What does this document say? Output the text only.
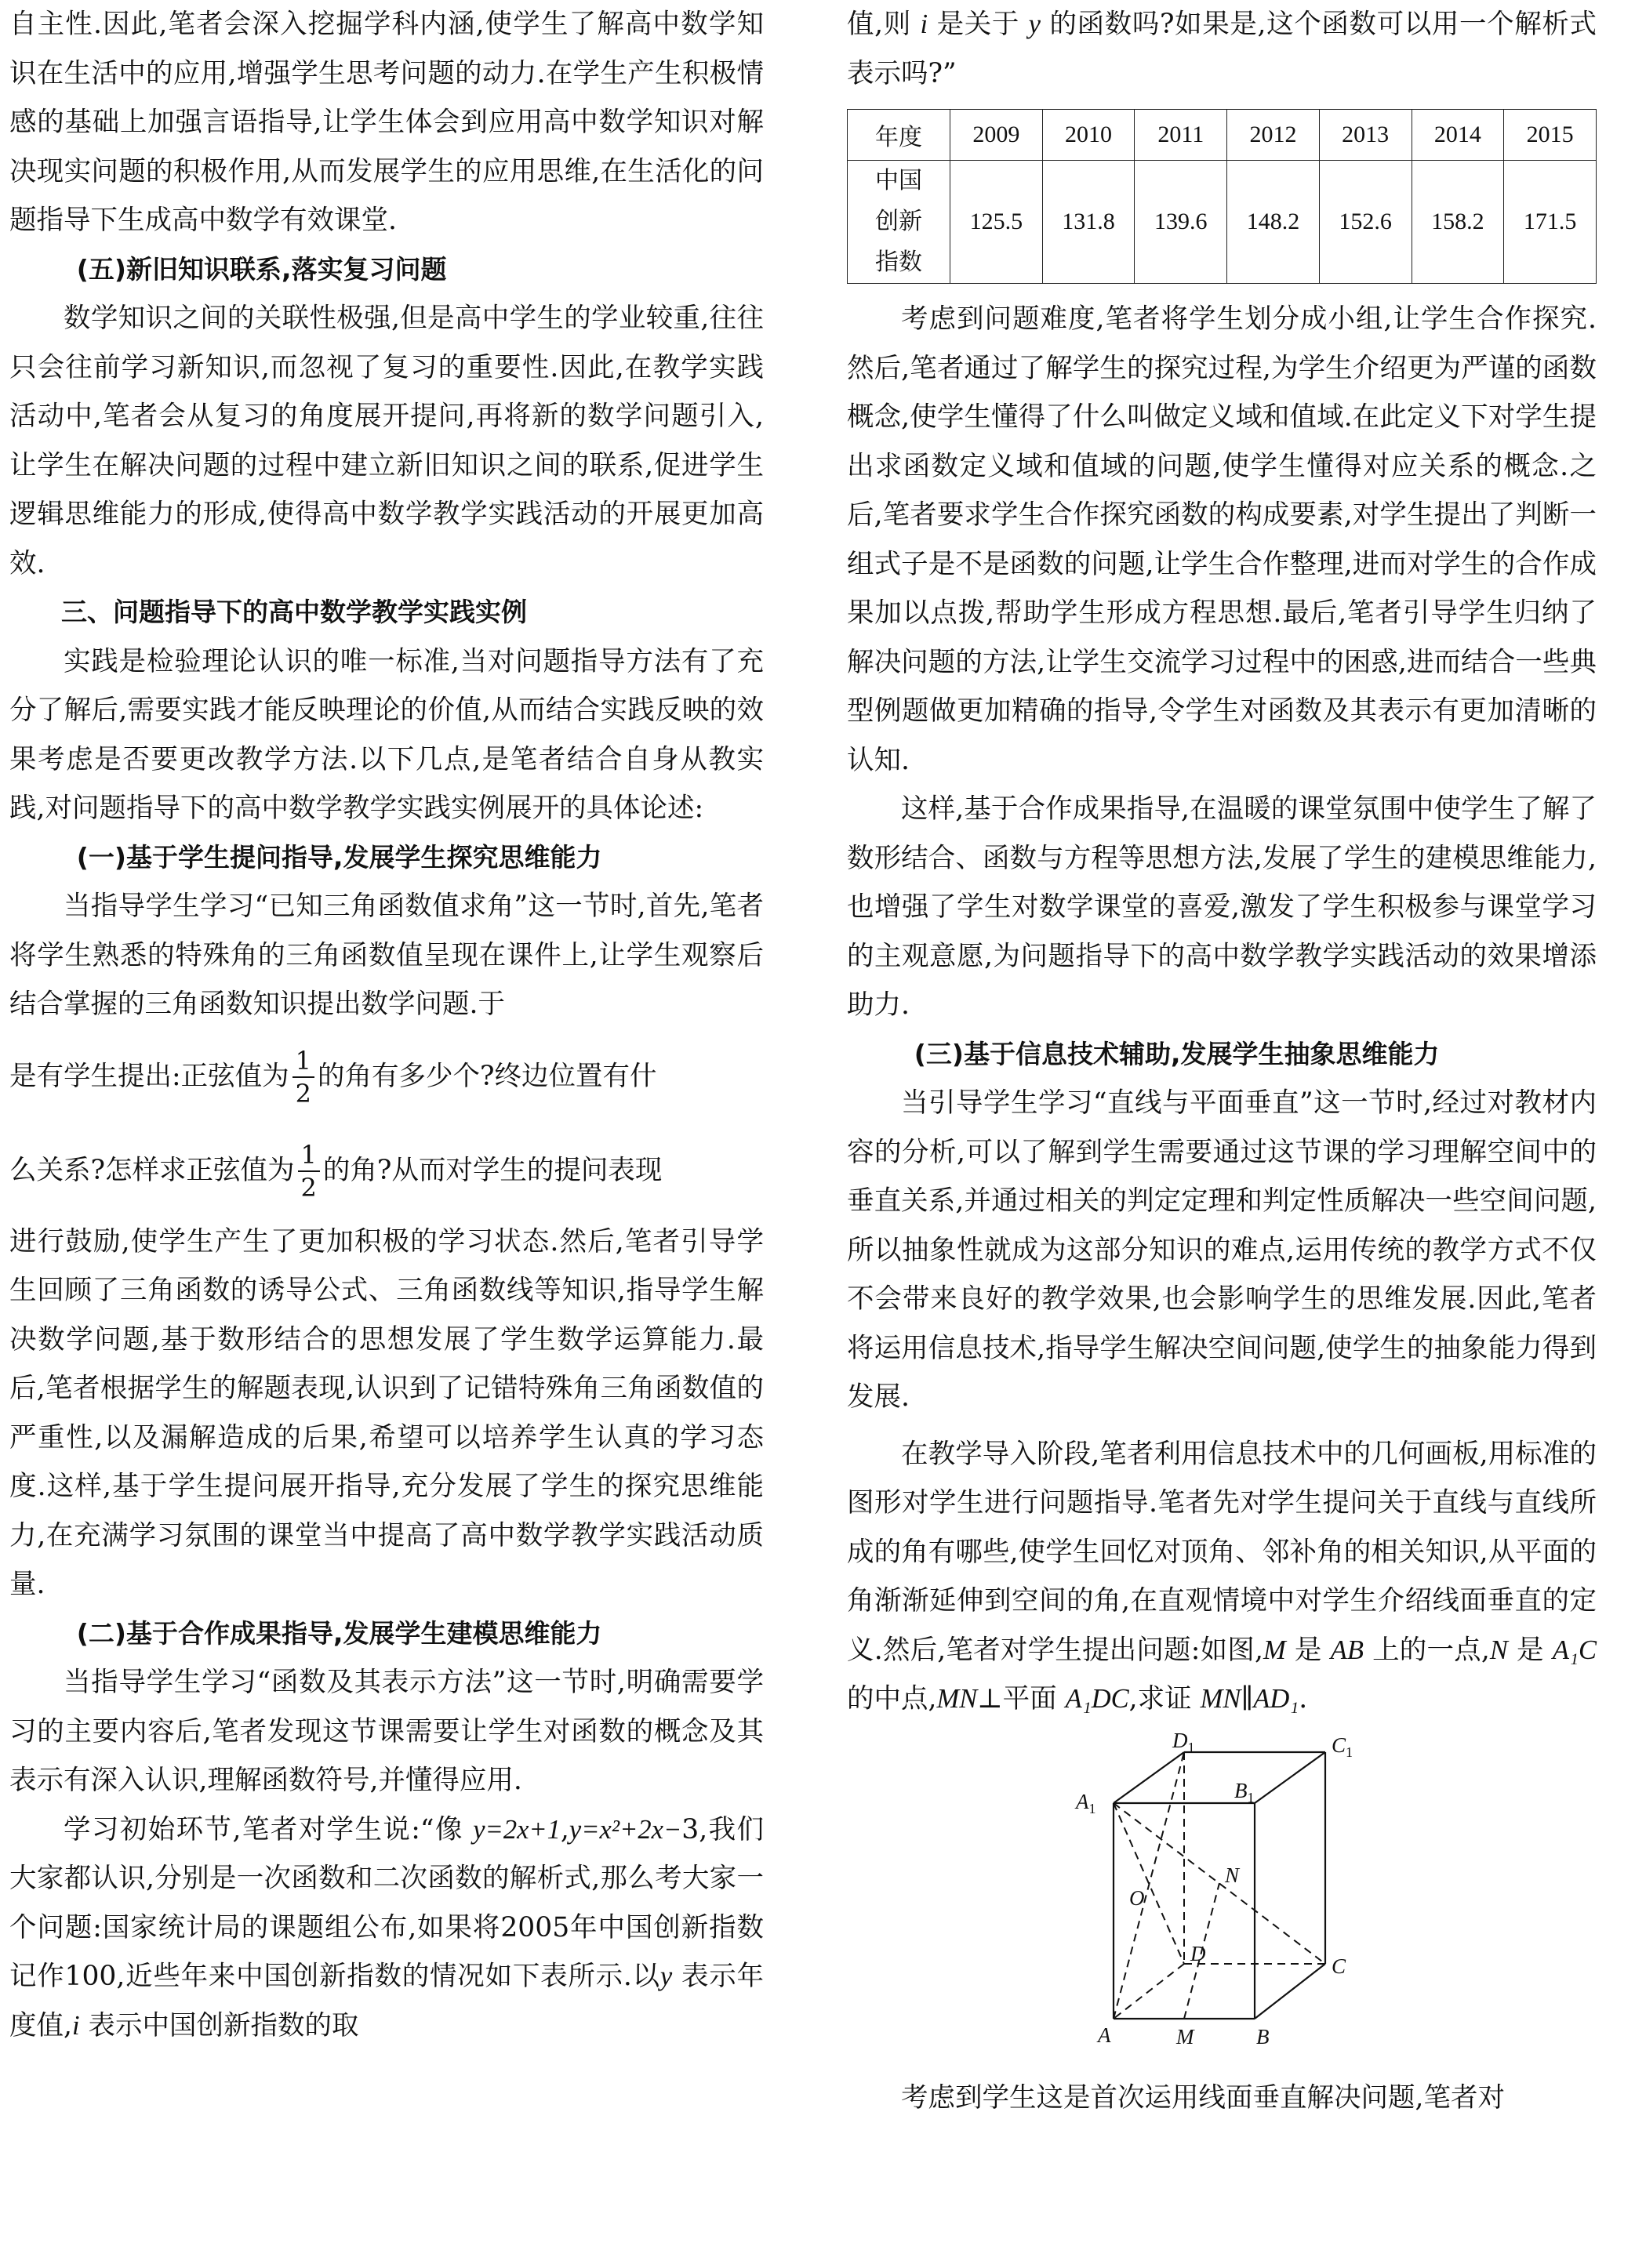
自主性.因此,笔者会深入挖掘学科内涵,使学生了解高中数学知识在生活中的应用,增强学生思考问题的动力.在学生产生积极情感的基础上加强言语指导,让学生体会到应用高中数学知识对解决现实问题的积极作用,从而发展学生的应用思维,在生活化的问题指导下生成高中数学有效课堂.

(五)新旧知识联系,落实复习问题

数学知识之间的关联性极强,但是高中学生的学业较重,往往只会往前学习新知识,而忽视了复习的重要性.因此,在教学实践活动中,笔者会从复习的角度展开提问,再将新的数学问题引入,让学生在解决问题的过程中建立新旧知识之间的联系,促进学生逻辑思维能力的形成,使得高中数学教学实践活动的开展更加高效.

三、问题指导下的高中数学教学实践实例

实践是检验理论认识的唯一标准,当对问题指导方法有了充分了解后,需要实践才能反映理论的价值,从而结合实践反映的效果考虑是否要更改教学方法.以下几点,是笔者结合自身从教实践,对问题指导下的高中数学教学实践实例展开的具体论述:

(一)基于学生提问指导,发展学生探究思维能力

当指导学生学习“已知三角函数值求角”这一节时,首先,笔者将学生熟悉的特殊角的三角函数值呈现在课件上,让学生观察后结合掌握的三角函数知识提出数学问题.于

是有学生提出:正弦值为 $\frac{1}{2}$ 的角有多少个?终边位置有什

么关系?怎样求正弦值为 $\frac{1}{2}$ 的角?从而对学生的提问表现

进行鼓励,使学生产生了更加积极的学习状态.然后,笔者引导学生回顾了三角函数的诱导公式、三角函数线等知识,指导学生解决数学问题,基于数形结合的思想发展了学生数学运算能力.最后,笔者根据学生的解题表现,认识到了记错特殊角三角函数值的严重性,以及漏解造成的后果,希望可以培养学生认真的学习态度.这样,基于学生提问展开指导,充分发展了学生的探究思维能力,在充满学习氛围的课堂当中提高了高中数学教学实践活动质量.

(二)基于合作成果指导,发展学生建模思维能力

当指导学生学习“函数及其表示方法”这一节时,明确需要学习的主要内容后,笔者发现这节课需要让学生对函数的概念及其表示有深入认识,理解函数符号,并懂得应用.

学习初始环节,笔者对学生说:“像 y=2x+1,y=x²+2x−3,我们大家都认识,分别是一次函数和二次函数的解析式,那么考大家一个问题:国家统计局的课题组公布,如果将2005年中国创新指数记作100,近些年来中国创新指数的情况如下表所示.以y 表示年度值,i 表示中国创新指数的取

值,则 i 是关于 y 的函数吗?如果是,这个函数可以用一个解析式表示吗?”

年度	2009	2010	2011	2012	2013	2014	2015
中国创新指数	125.5	131.8	139.6	148.2	152.6	158.2	171.5

考虑到问题难度,笔者将学生划分成小组,让学生合作探究.然后,笔者通过了解学生的探究过程,为学生介绍更为严谨的函数概念,使学生懂得了什么叫做定义域和值域.在此定义下对学生提出求函数定义域和值域的问题,使学生懂得对应关系的概念.之后,笔者要求学生合作探究函数的构成要素,对学生提出了判断一组式子是不是函数的问题,让学生合作整理,进而对学生的合作成果加以点拨,帮助学生形成方程思想.最后,笔者引导学生归纳了解决问题的方法,让学生交流学习过程中的困惑,进而结合一些典型例题做更加精确的指导,令学生对函数及其表示有更加清晰的认知.

这样,基于合作成果指导,在温暖的课堂氛围中使学生了解了数形结合、函数与方程等思想方法,发展了学生的建模思维能力,也增强了学生对数学课堂的喜爱,激发了学生积极参与课堂学习的主观意愿,为问题指导下的高中数学教学实践活动的效果增添助力.

(三)基于信息技术辅助,发展学生抽象思维能力

当引导学生学习“直线与平面垂直”这一节时,经过对教材内容的分析,可以了解到学生需要通过这节课的学习理解空间中的垂直关系,并通过相关的判定定理和判定性质解决一些空间问题,所以抽象性就成为这部分知识的难点,运用传统的教学方式不仅不会带来良好的教学效果,也会影响学生的思维发展.因此,笔者将运用信息技术,指导学生解决空间问题,使学生的抽象能力得到发展.

在教学导入阶段,笔者利用信息技术中的几何画板,用标准的图形对学生进行问题指导.笔者先对学生提问关于直线与直线所成的角有哪些,使学生回忆对顶角、邻补角的相关知识,从平面的角渐渐延伸到空间的角,在直观情境中对学生介绍线面垂直的定义.然后,笔者对学生提出问题:如图,M 是 AB 上的一点,N 是 A₁C 的中点,MN⊥平面 A₁DC,求证 MN∥AD₁.

$D_1$	$C_1$
$A_1$
$B_1$
N
O
D
C
A	M	B

考虑到学生这是首次运用线面垂直解决问题,笔者对
